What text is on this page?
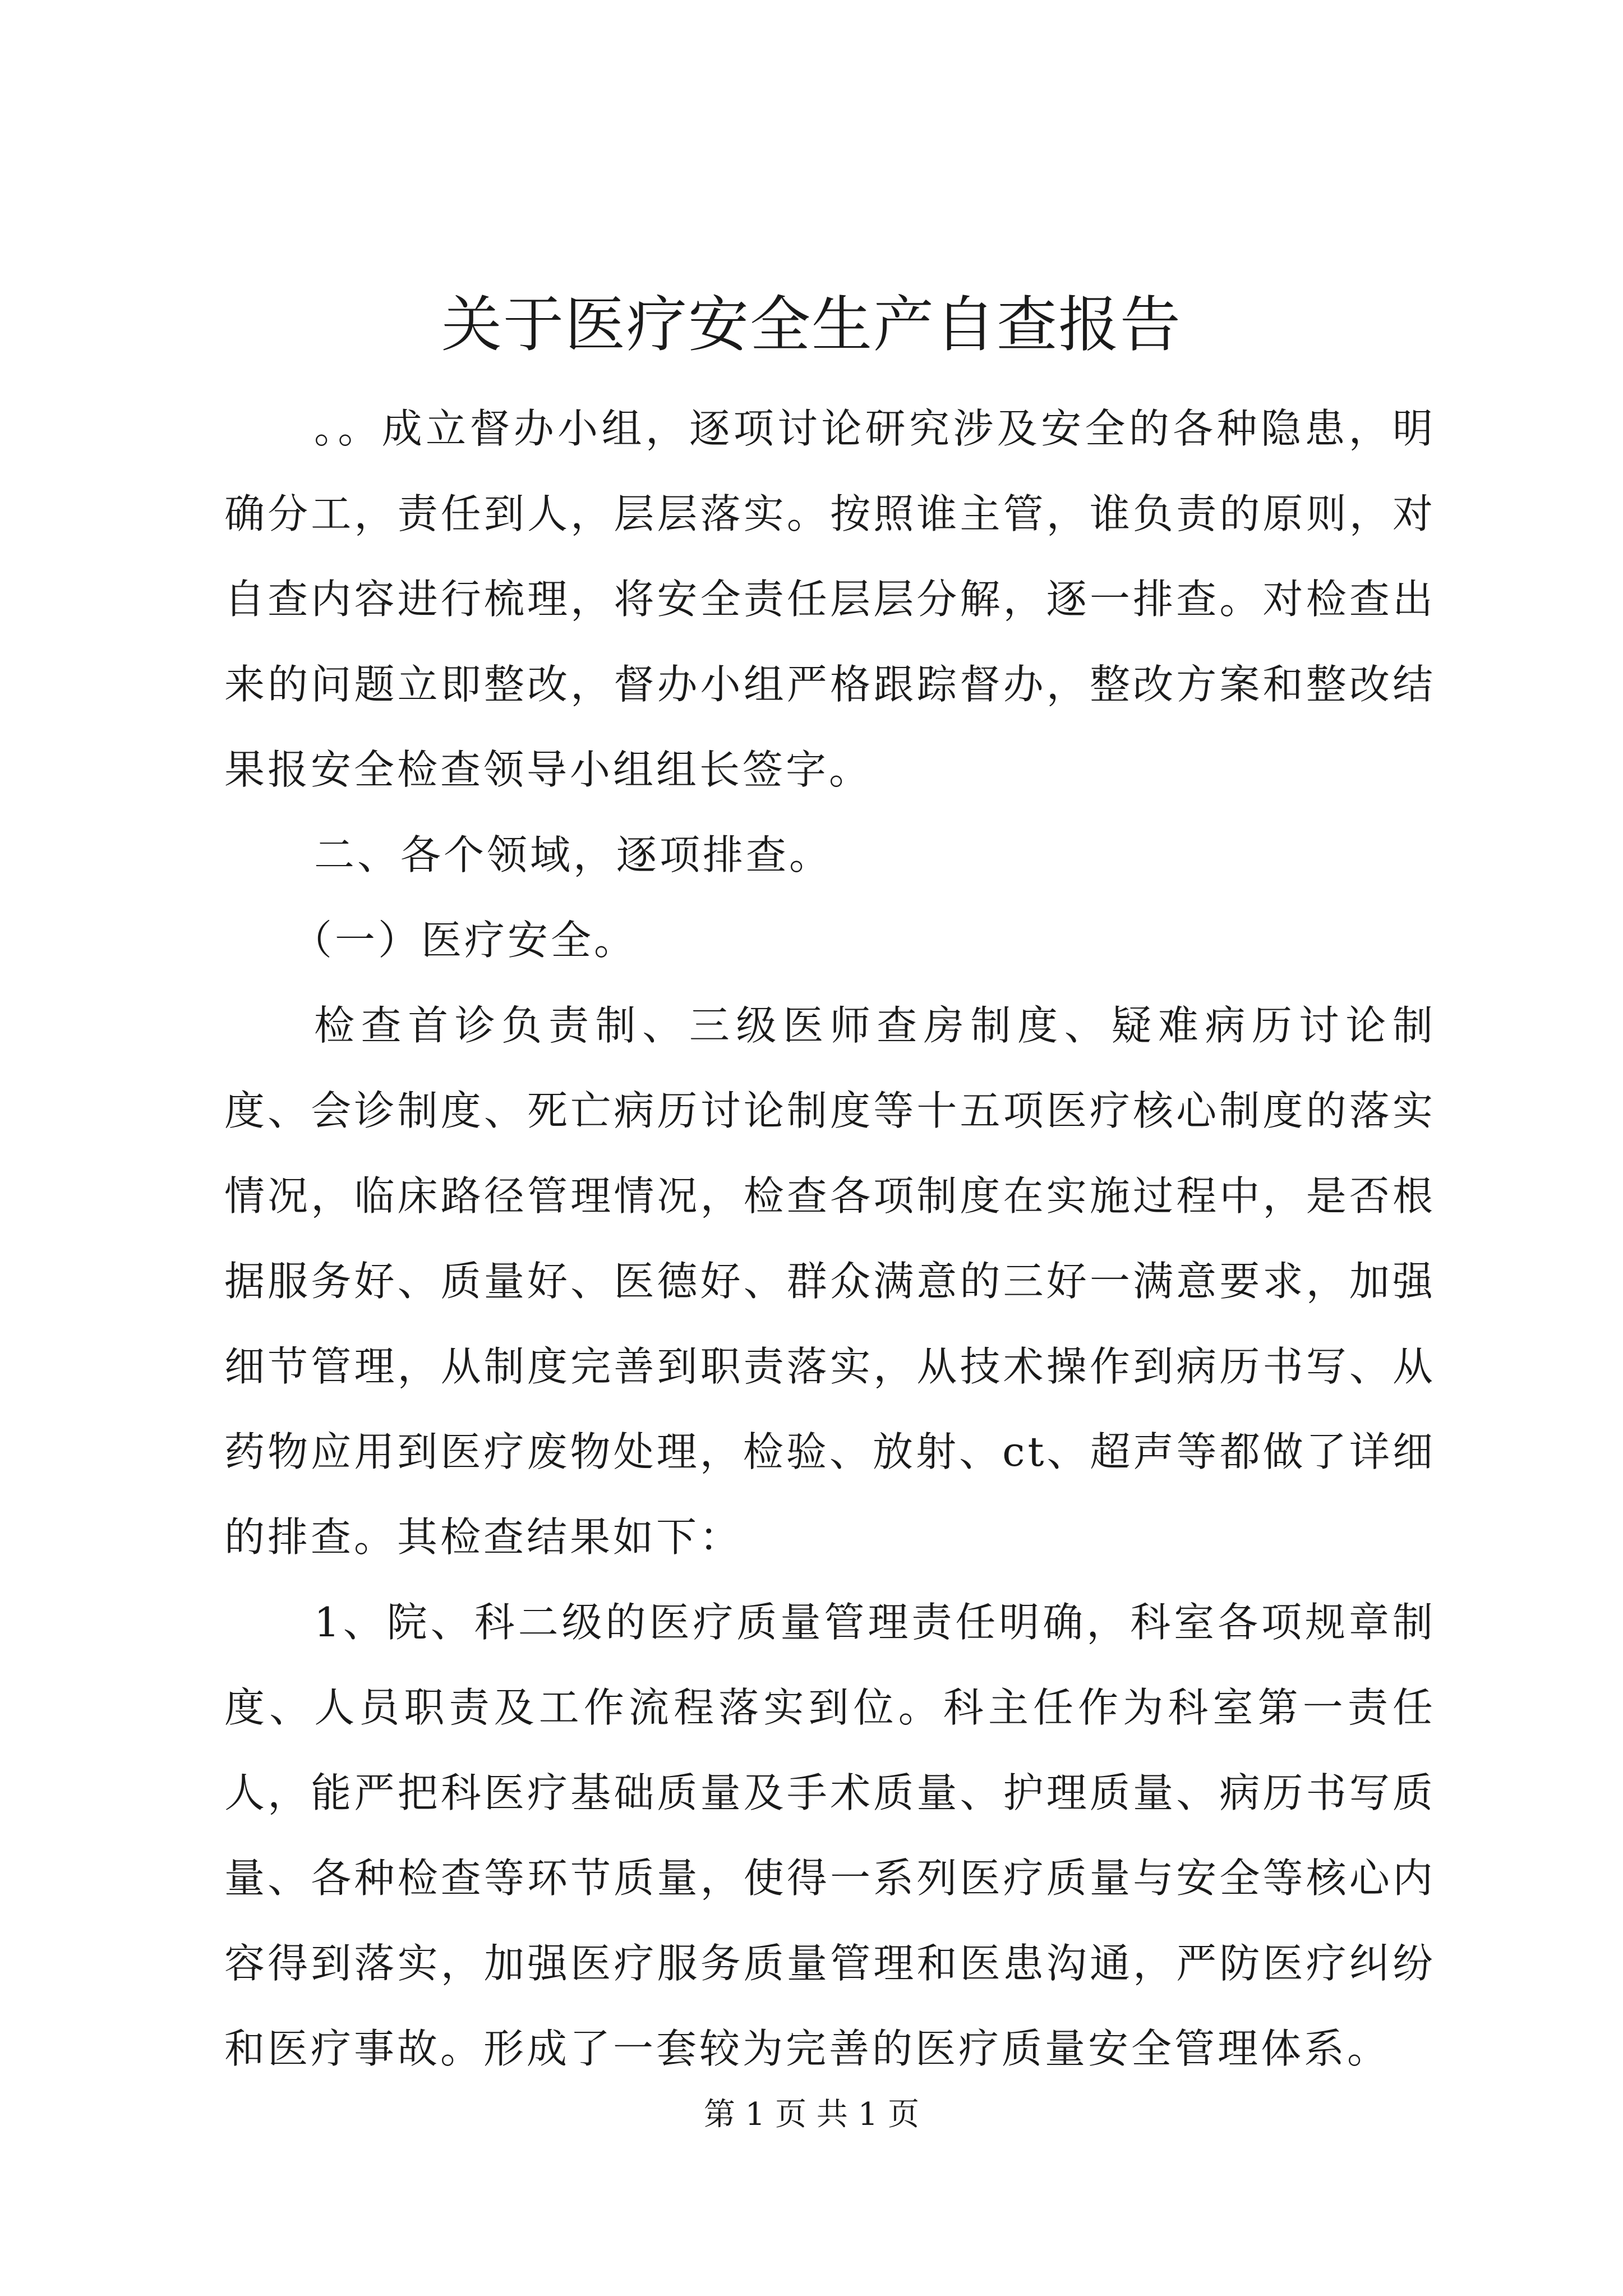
关于医疗安全生产自查报告

。。成立督办小组，逐项讨论研究涉及安全的各种隐患，明确分工，责任到人，层层落实。按照谁主管，谁负责的原则，对自查内容进行梳理，将安全责任层层分解，逐一排查。对检查出来的问题立即整改，督办小组严格跟踪督办，整改方案和整改结果报安全检查领导小组组长签字。

二、各个领域，逐项排查。

（一）医疗安全。

检查首诊负责制、三级医师查房制度、疑难病历讨论制度、会诊制度、死亡病历讨论制度等十五项医疗核心制度的落实情况，临床路径管理情况，检查各项制度在实施过程中，是否根据服务好、质量好、医德好、群众满意的三好一满意要求，加强细节管理，从制度完善到职责落实，从技术操作到病历书写、从药物应用到医疗废物处理，检验、放射、ct、超声等都做了详细的排查。其检查结果如下：

1、院、科二级的医疗质量管理责任明确，科室各项规章制度、人员职责及工作流程落实到位。科主任作为科室第一责任人，能严把科医疗基础质量及手术质量、护理质量、病历书写质量、各种检查等环节质量，使得一系列医疗质量与安全等核心内容得到落实，加强医疗服务质量管理和医患沟通，严防医疗纠纷和医疗事故。形成了一套较为完善的医疗质量安全管理体系。

第 1 页 共 1 页
